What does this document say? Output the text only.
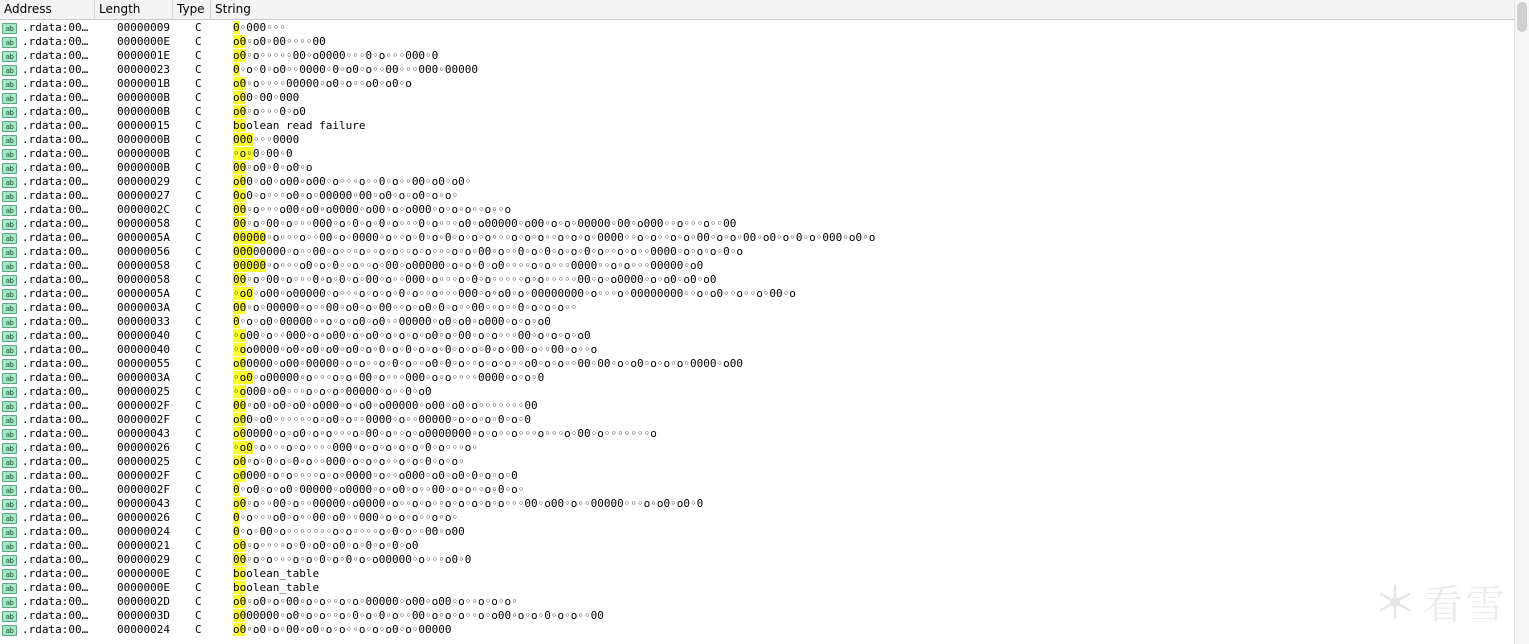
Address	Length	Type String
ab .rdata:00…	00000009	C	0◦000◦◦◦
ab .rdata:00…	0000000E	C	o0◦o0◦00◦◦◦◦00
ab .rdata:00…	0000001E	C	o0◦o◦◦◦◦◦00◦o0000◦◦◦0◦o◦◦◦000◦0
ab .rdata:00…	00000023	C	0◦o◦0◦o0◦◦0000◦0◦o0◦o◦◦00◦◦◦000◦00000
ab .rdata:00…	0000001B	C	o0◦o◦◦◦◦00000◦o0◦o◦◦o0◦o0◦o
ab .rdata:00…	0000000B	C	o00◦00◦000
ab .rdata:00…	0000000B	C	o0◦o◦◦◦0◦o0
ab .rdata:00…	00000015	C	boolean read failure
ab .rdata:00…	0000000B	C	000◦◦◦0000
ab .rdata:00…	0000000B	C	◦o◦0◦00◦0
ab .rdata:00…	0000000B	C	00◦o0◦0◦o0◦o
ab .rdata:00…	00000029	C	o00◦o0◦o00◦o00◦o◦◦◦o◦◦0◦o◦◦00◦o0◦o0◦
ab .rdata:00…	00000027	C	0o0◦o◦◦◦o0◦o◦00000◦00◦o0◦o◦o0◦o◦o◦
ab .rdata:00…	0000002C	C	00◦o◦◦◦o00◦o0◦o0000◦o00◦o◦o000◦o◦o◦o◦◦o◦◦o
ab .rdata:00…	00000058	C	00◦o◦00◦o◦◦◦000◦o◦0◦o◦0◦o◦◦◦0◦o◦◦◦o0◦o00000◦o00◦o◦o◦00000◦00◦o000◦◦o◦◦◦o◦◦00
ab .rdata:00…	0000005A	C	00000◦o◦◦◦o◦◦00◦o◦0000◦o◦◦o◦0◦o◦0◦o◦o◦o◦◦◦o◦o◦o◦◦o◦o◦o◦0000◦◦o◦o◦◦o◦o◦00◦o◦o◦00◦o0◦o◦0◦o◦000◦o0◦o
ab .rdata:00…	00000056	C	00000000◦o◦◦00◦o◦◦◦o◦◦o◦o◦◦o◦o◦◦◦o◦o◦00◦o◦◦0◦o◦0◦o◦o◦0◦o◦◦o◦o◦◦0000◦o◦o◦o◦0◦o
ab .rdata:00…	00000058	C	00000◦o◦◦◦o0◦o◦0◦◦o◦◦o◦00◦o00000◦o◦o◦0◦o0◦◦◦◦o◦o◦◦◦0000◦◦o◦o◦◦◦00000◦o0
ab .rdata:00…	00000058	C	00◦o◦00◦o◦◦◦0◦o◦0◦o◦00◦o◦◦000◦o◦◦◦o◦0◦o◦◦◦◦◦o◦o◦◦◦◦◦00◦o◦o0000◦o◦o0◦o0◦o0
ab .rdata:00…	0000005A	C	◦o0◦o00◦o00000◦o◦◦◦o◦o◦o◦0◦o◦◦o◦◦◦000◦o◦o0◦o◦00000000◦o◦◦◦o◦00000000◦◦o◦o0◦◦o◦◦o◦00◦o
ab .rdata:00…	0000003A	C	00◦o◦00000◦o◦◦00◦o0◦o◦00◦◦o◦o0◦0◦o◦◦00◦◦o◦◦0◦o◦o◦o◦◦
ab .rdata:00…	00000033	C	0◦o◦o0◦00000◦◦o◦o◦o0◦o0◦◦00000◦o0◦o0◦o000◦o◦o◦o0
ab .rdata:00…	00000040	C	◦o00◦o◦◦000◦o◦o00◦o◦o0◦o◦o◦o◦o0◦o◦00◦o◦o◦◦◦00◦o◦o◦o◦o0
ab .rdata:00…	00000040	C	◦oo0000◦o0◦o0◦o0◦o0◦o◦0◦o◦0◦o◦o◦0◦o◦o◦0◦o◦00◦o◦◦00◦o◦◦o
ab .rdata:00…	00000055	C	o00000◦o00◦00000◦o◦o◦◦o◦0◦o◦◦o0◦0◦o◦◦o◦o◦o◦◦o0◦o◦o◦◦00◦00◦o◦o0◦o◦o◦o◦0000◦o00
ab .rdata:00…	0000003A	C	◦o0◦o00000◦o◦◦◦o◦o◦00◦o◦◦◦000◦o◦o◦◦◦◦0000◦o◦o◦0
ab .rdata:00…	00000025	C	◦o000◦o0◦◦◦o◦o◦o◦00000◦o◦◦0◦o0
ab .rdata:00…	0000002F	C	00◦o0◦o0◦o0◦o000◦o◦o0◦o00000◦o00◦o0◦o◦◦◦◦◦◦◦00
ab .rdata:00…	0000002F	C	o00◦o0◦◦◦◦◦◦o◦o0◦o◦◦0000◦o◦◦00000◦o◦o◦o◦0◦o◦0
ab .rdata:00…	00000043	C	o00000◦o◦o0◦o◦o◦◦◦o◦00◦o◦◦o◦o0000000◦o◦o◦◦o◦◦◦o◦◦◦o◦00◦o◦◦◦◦◦◦◦o
ab .rdata:00…	00000026	C	◦o0◦o◦◦◦o◦o◦◦◦◦000◦o◦o◦o◦o◦o◦0◦o◦◦◦o◦
ab .rdata:00…	00000025	C	o0◦o◦0◦o◦0◦o◦◦000◦o◦o◦o◦◦o◦o◦0◦o◦o◦
ab .rdata:00…	0000002F	C	o0000◦o◦o◦◦◦◦o◦o◦0000◦o◦◦o000◦o0◦o0◦0◦o◦o◦0
ab .rdata:00…	0000002F	C	0◦o0◦o◦o0◦00000◦o0000◦o◦o0◦o◦◦00◦o◦o◦◦o◦0◦o◦
ab .rdata:00…	00000043	C	o0◦o◦◦00◦o◦◦00000◦o0000◦o◦◦o◦o◦◦o◦o◦o◦o◦o◦◦◦00◦o00◦o◦◦00000◦◦◦o◦o0◦o0◦0
ab .rdata:00…	00000026	C	0◦o◦◦◦o0◦o◦◦00◦o0◦◦000◦o◦o◦o◦◦o◦o◦
ab .rdata:00…	00000024	C	0◦o◦00◦o◦◦◦◦◦◦◦o◦o◦◦◦◦o◦0◦o◦◦00◦o00
ab .rdata:00…	00000021	C	o0◦o◦◦◦◦o◦0◦o0◦o0◦o◦0◦o◦0◦o0
ab .rdata:00…	00000029	C	00◦o◦o◦◦◦o◦o◦0◦o◦0◦o◦o00000◦o◦◦◦o0◦0
ab .rdata:00…	0000000E	C	boolean_table
ab .rdata:00…	0000000E	C	boolean_table
ab .rdata:00…	0000002D	C	o0◦o0◦o◦00◦o◦o◦◦o◦o◦00000◦o00◦o00◦o◦◦o◦o◦o◦
ab .rdata:00…	0000003D	C	o000000◦o0◦o◦o◦◦o◦0◦o◦0◦o◦◦00◦o◦o◦o◦◦o◦o00◦o◦o◦0◦o◦o◦◦00
ab .rdata:00…	00000024	C	o0◦o0◦o◦00◦o0◦o◦o◦◦o◦o◦o0◦o◦00000
看雪
